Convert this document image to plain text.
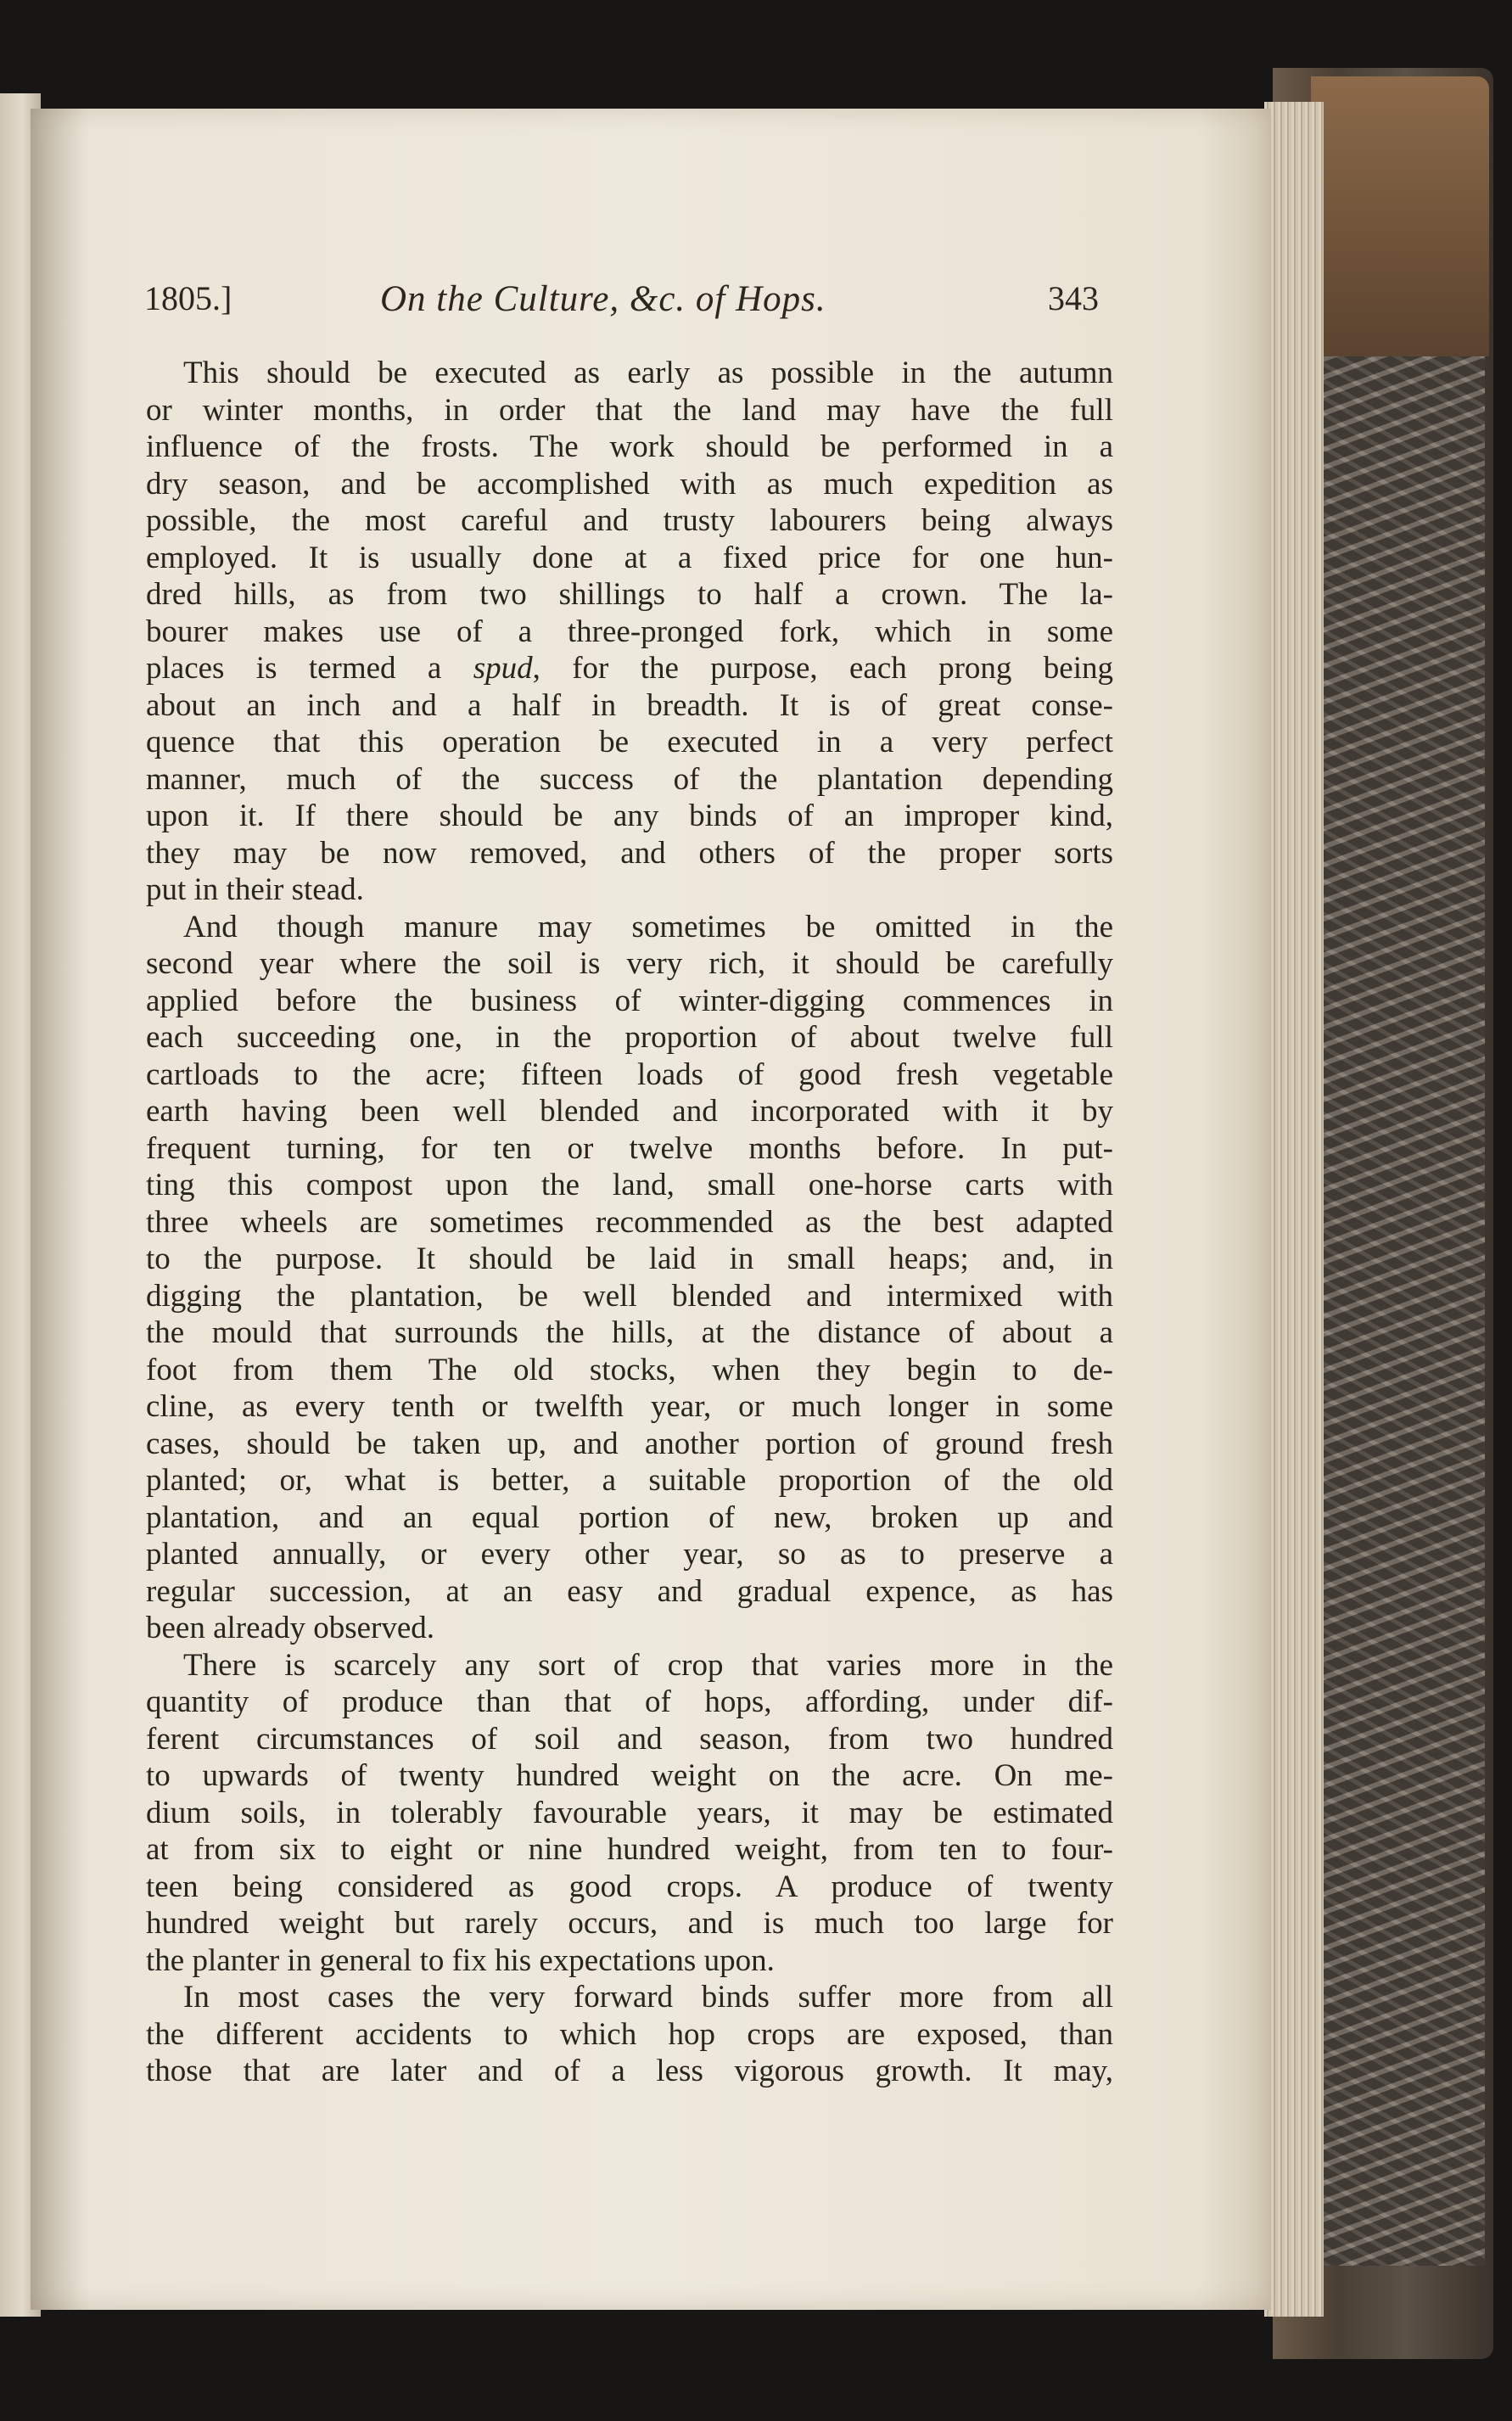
1805.]	On the Culture, &c. of Hops.	343
This should be executed as early as possible in the autumn
or winter months, in order that the land may have the full
influence of the frosts. The work should be performed in a
dry season, and be accomplished with as much expedition as
possible, the most careful and trusty labourers being always
employed. It is usually done at a fixed price for one hun-
dred hills, as from two shillings to half a crown. The la-
bourer makes use of a three-pronged fork, which in some
places is termed a spud, for the purpose, each prong being
about an inch and a half in breadth. It is of great conse-
quence that this operation be executed in a very perfect
manner, much of the success of the plantation depending
upon it. If there should be any binds of an improper kind,
they may be now removed, and others of the proper sorts
put in their stead.
And though manure may sometimes be omitted in the
second year where the soil is very rich, it should be carefully
applied before the business of winter-digging commences in
each succeeding one, in the proportion of about twelve full
cartloads to the acre; fifteen loads of good fresh vegetable
earth having been well blended and incorporated with it by
frequent turning, for ten or twelve months before. In put-
ting this compost upon the land, small one-horse carts with
three wheels are sometimes recommended as the best adapted
to the purpose. It should be laid in small heaps; and, in
digging the plantation, be well blended and intermixed with
the mould that surrounds the hills, at the distance of about a
foot from them The old stocks, when they begin to de-
cline, as every tenth or twelfth year, or much longer in some
cases, should be taken up, and another portion of ground fresh
planted; or, what is better, a suitable proportion of the old
plantation, and an equal portion of new, broken up and
planted annually, or every other year, so as to preserve a
regular succession, at an easy and gradual expence, as has
been already observed.
There is scarcely any sort of crop that varies more in the
quantity of produce than that of hops, affording, under dif-
ferent circumstances of soil and season, from two hundred
to upwards of twenty hundred weight on the acre. On me-
dium soils, in tolerably favourable years, it may be estimated
at from six to eight or nine hundred weight, from ten to four-
teen being considered as good crops. A produce of twenty
hundred weight but rarely occurs, and is much too large for
the planter in general to fix his expectations upon.
In most cases the very forward binds suffer more from all
the different accidents to which hop crops are exposed, than
those that are later and of a less vigorous growth. It may,
